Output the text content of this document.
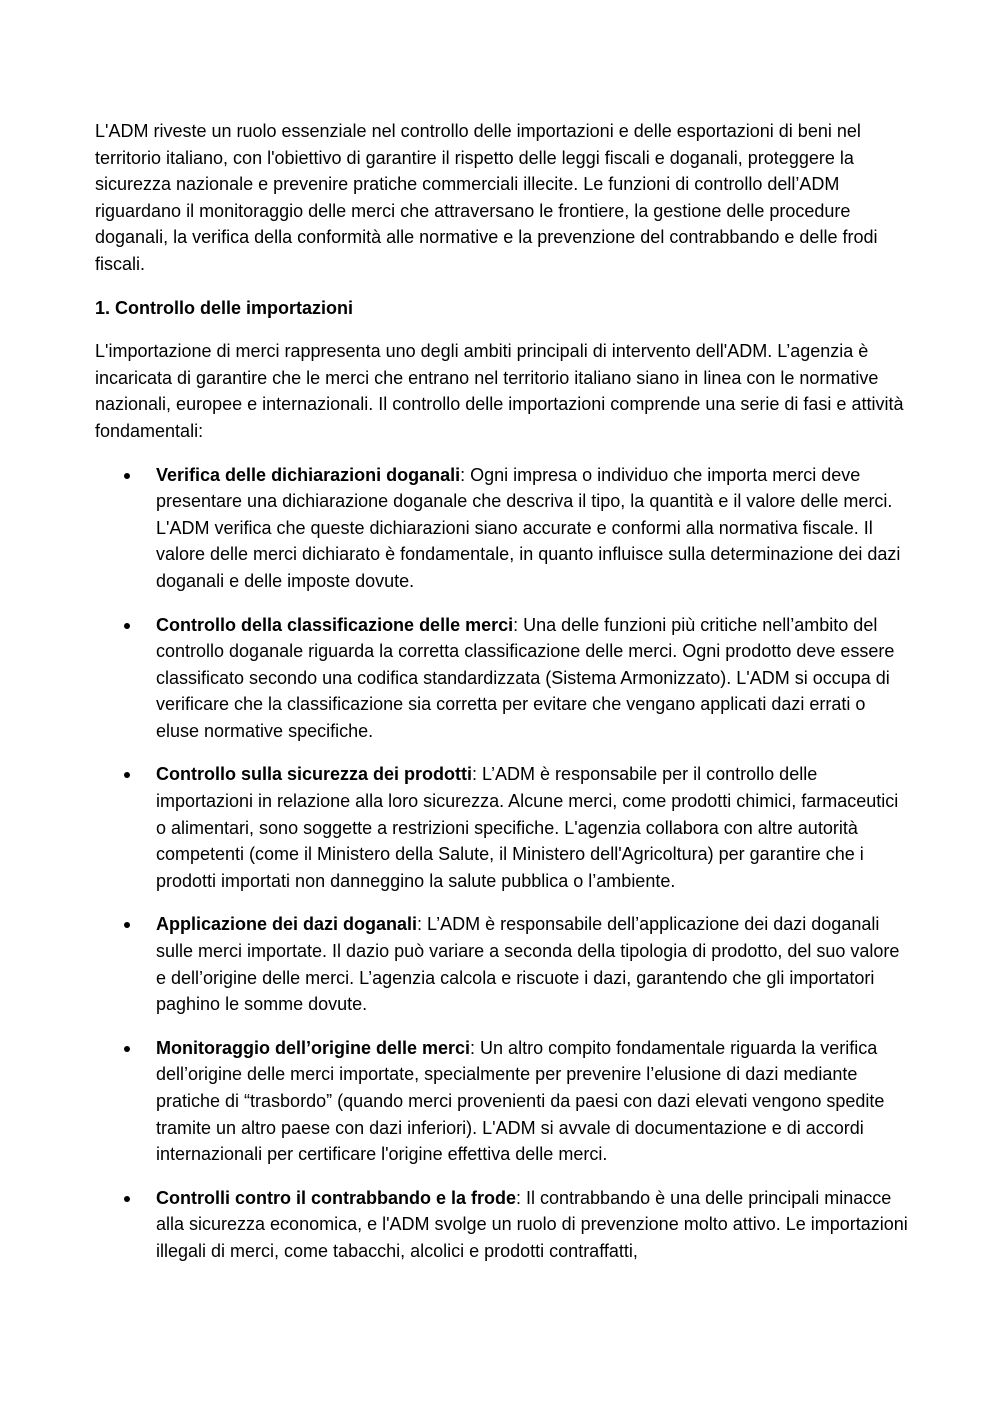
L'ADM riveste un ruolo essenziale nel controllo delle importazioni e delle esportazioni di beni nel territorio italiano, con l'obiettivo di garantire il rispetto delle leggi fiscali e doganali, proteggere la sicurezza nazionale e prevenire pratiche commerciali illecite. Le funzioni di controllo dell’ADM riguardano il monitoraggio delle merci che attraversano le frontiere, la gestione delle procedure doganali, la verifica della conformità alle normative e la prevenzione del contrabbando e delle frodi fiscali.

1. Controllo delle importazioni

L'importazione di merci rappresenta uno degli ambiti principali di intervento dell'ADM. L’agenzia è incaricata di garantire che le merci che entrano nel territorio italiano siano in linea con le normative nazionali, europee e internazionali. Il controllo delle importazioni comprende una serie di fasi e attività fondamentali:

Verifica delle dichiarazioni doganali: Ogni impresa o individuo che importa merci deve presentare una dichiarazione doganale che descriva il tipo, la quantità e il valore delle merci. L'ADM verifica che queste dichiarazioni siano accurate e conformi alla normativa fiscale. Il valore delle merci dichiarato è fondamentale, in quanto influisce sulla determinazione dei dazi doganali e delle imposte dovute.
Controllo della classificazione delle merci: Una delle funzioni più critiche nell’ambito del controllo doganale riguarda la corretta classificazione delle merci. Ogni prodotto deve essere classificato secondo una codifica standardizzata (Sistema Armonizzato). L'ADM si occupa di verificare che la classificazione sia corretta per evitare che vengano applicati dazi errati o eluse normative specifiche.
Controllo sulla sicurezza dei prodotti: L’ADM è responsabile per il controllo delle importazioni in relazione alla loro sicurezza. Alcune merci, come prodotti chimici, farmaceutici o alimentari, sono soggette a restrizioni specifiche. L'agenzia collabora con altre autorità competenti (come il Ministero della Salute, il Ministero dell'Agricoltura) per garantire che i prodotti importati non danneggino la salute pubblica o l’ambiente.
Applicazione dei dazi doganali: L’ADM è responsabile dell’applicazione dei dazi doganali sulle merci importate. Il dazio può variare a seconda della tipologia di prodotto, del suo valore e dell’origine delle merci. L’agenzia calcola e riscuote i dazi, garantendo che gli importatori paghino le somme dovute.
Monitoraggio dell’origine delle merci: Un altro compito fondamentale riguarda la verifica dell’origine delle merci importate, specialmente per prevenire l’elusione di dazi mediante pratiche di “trasbordo” (quando merci provenienti da paesi con dazi elevati vengono spedite tramite un altro paese con dazi inferiori). L'ADM si avvale di documentazione e di accordi internazionali per certificare l'origine effettiva delle merci.
Controlli contro il contrabbando e la frode: Il contrabbando è una delle principali minacce alla sicurezza economica, e l'ADM svolge un ruolo di prevenzione molto attivo. Le importazioni illegali di merci, come tabacchi, alcolici e prodotti contraffatti,
